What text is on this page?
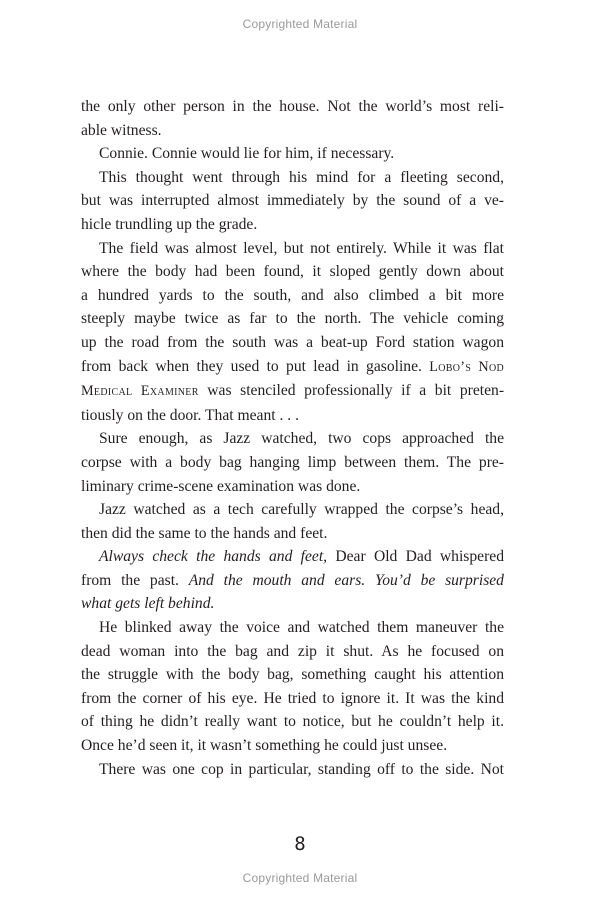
Copyrighted Material

the only other person in the house. Not the world’s most reli-
able witness.

Connie. Connie would lie for him, if necessary.

This thought went through his mind for a fleeting second,
but was interrupted almost immediately by the sound of a ve-
hicle trundling up the grade.

The field was almost level, but not entirely. While it was flat
where the body had been found, it sloped gently down about
a hundred yards to the south, and also climbed a bit more
steeply maybe twice as far to the north. The vehicle coming
up the road from the south was a beat-up Ford station wagon
from back when they used to put lead in gasoline. Lobo’s Nod
Medical Examiner was stenciled professionally if a bit preten-
tiously on the door. That meant . . .

Sure enough, as Jazz watched, two cops approached the
corpse with a body bag hanging limp between them. The pre-
liminary crime-scene examination was done.

Jazz watched as a tech carefully wrapped the corpse’s head,
then did the same to the hands and feet.

Always check the hands and feet, Dear Old Dad whispered
from the past. And the mouth and ears. You’d be surprised
what gets left behind.

He blinked away the voice and watched them maneuver the
dead woman into the bag and zip it shut. As he focused on
the struggle with the body bag, something caught his attention
from the corner of his eye. He tried to ignore it. It was the kind
of thing he didn’t really want to notice, but he couldn’t help it.
Once he’d seen it, it wasn’t something he could just unsee.

There was one cop in particular, standing off to the side. Not

8
Copyrighted Material
